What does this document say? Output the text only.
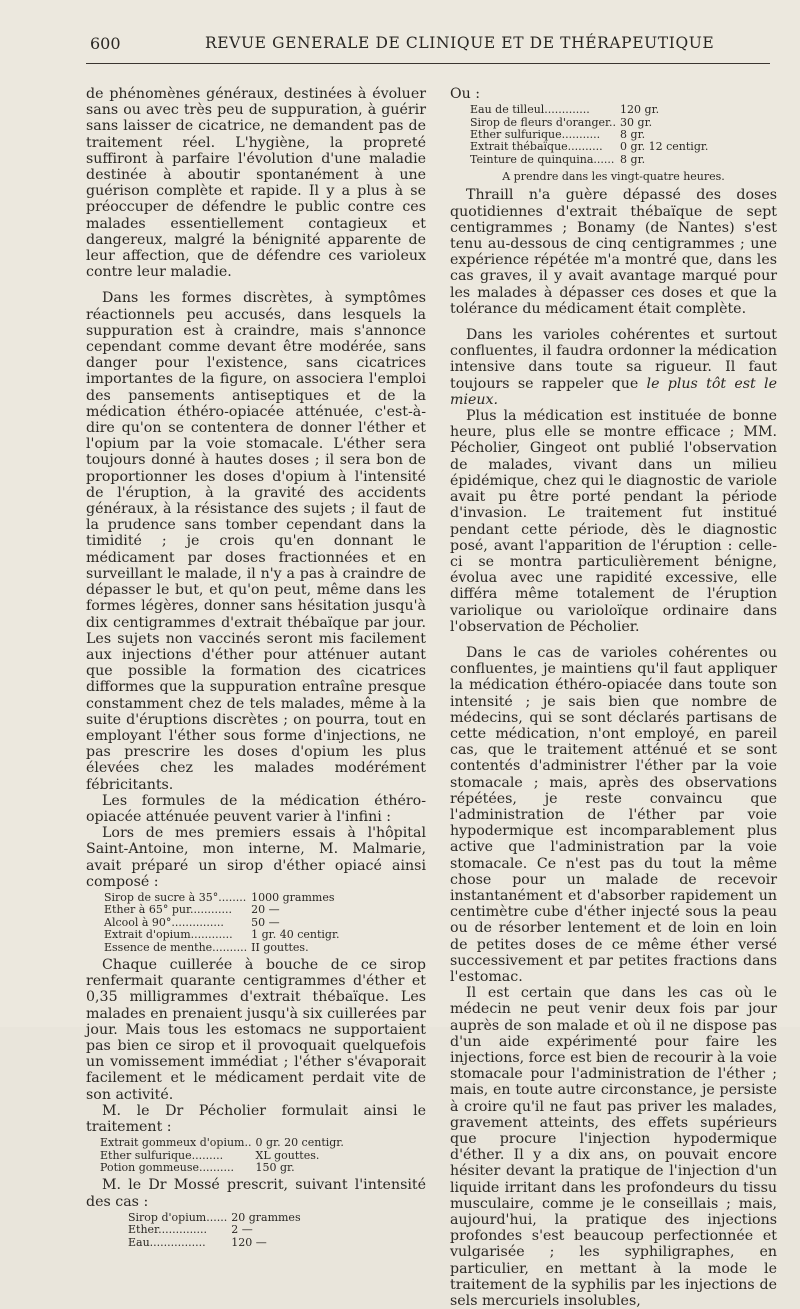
600	REVUE GENERALE DE CLINIQUE ET DE THÉRAPEUTIQUE

de phénomènes généraux, destinées à évoluer sans ou avec très peu de suppuration, à guérir sans laisser de cicatrice, ne demandent pas de traitement réel. L'hygiène, la propreté suffiront à parfaire l'évolution d'une maladie destinée à aboutir spontanément à une guérison complète et rapide. Il y a plus à se préoccuper de défendre le public contre ces malades essentiellement contagieux et dangereux, malgré la bénignité apparente de leur affection, que de défendre ces varioleux contre leur maladie.

Dans les formes discrètes, à symptômes réactionnels peu accusés, dans lesquels la suppuration est à craindre, mais s'annonce cependant comme devant être modérée, sans danger pour l'existence, sans cicatrices importantes de la figure, on associera l'emploi des pansements antiseptiques et de la médication éthéro-opiacée atténuée, c'est-à-dire qu'on se contentera de donner l'éther et l'opium par la voie stomacale. L'éther sera toujours donné à hautes doses ; il sera bon de proportionner les doses d'opium à l'intensité de l'éruption, à la gravité des accidents généraux, à la résistance des sujets ; il faut de la prudence sans tomber cependant dans la timidité ; je crois qu'en donnant le médicament par doses fractionnées et en surveillant le malade, il n'y a pas à craindre de dépasser le but, et qu'on peut, même dans les formes légères, donner sans hésitation jusqu'à dix centigrammes d'extrait thébaïque par jour. Les sujets non vaccinés seront mis facilement aux injections d'éther pour atténuer autant que possible la formation des cicatrices difformes que la suppuration entraîne presque constamment chez de tels malades, même à la suite d'éruptions discrètes ; on pourra, tout en employant l'éther sous forme d'injections, ne pas prescrire les doses d'opium les plus élevées chez les malades modérément fébricitants.

Les formules de la médication éthéro-opiacée atténuée peuvent varier à l'infini :

Lors de mes premiers essais à l'hôpital Saint-Antoine, mon interne, M. Malmarie, avait préparé un sirop d'éther opiacé ainsi composé :

Sirop de sucre à 35°........	1000 grammes
Ether à 65° pur............	20 —
Alcool à 90°...............	50 —
Extrait d'opium............	1 gr. 40 centigr.
Essence de menthe..........	II gouttes.

Chaque cuillerée à bouche de ce sirop renfermait quarante centigrammes d'éther et 0,35 milligrammes d'extrait thébaïque. Les malades en prenaient jusqu'à six cuillerées par jour. Mais tous les estomacs ne supportaient pas bien ce sirop et il provoquait quelquefois un vomissement immédiat ; l'éther s'évaporait facilement et le médicament perdait vite de son activité.

M. le Dr Pécholier formulait ainsi le traitement :

Extrait gommeux d'opium..	0 gr. 20 centigr.
Ether sulfurique.........	XL gouttes.
Potion gommeuse..........	150 gr.

M. le Dr Mossé prescrit, suivant l'intensité des cas :

Sirop d'opium......	20 grammes
Ether..............	2 —
Eau................	120 —

Ou :

Eau de tilleul.............	120 gr.
Sirop de fleurs d'oranger..	30 gr.
Ether sulfurique...........	8 gr.
Extrait thébaïque..........	0 gr. 12 centigr.
Teinture de quinquina......	8 gr.

A prendre dans les vingt-quatre heures.

Thraill n'a guère dépassé des doses quotidiennes d'extrait thébaïque de sept centigrammes ; Bonamy (de Nantes) s'est tenu au-dessous de cinq centigrammes ; une expérience répétée m'a montré que, dans les cas graves, il y avait avantage marqué pour les malades à dépasser ces doses et que la tolérance du médicament était complète.

Dans les varioles cohérentes et surtout confluentes, il faudra ordonner la médication intensive dans toute sa rigueur. Il faut toujours se rappeler que le plus tôt est le mieux.

Plus la médication est instituée de bonne heure, plus elle se montre efficace ; MM. Pécholier, Gingeot ont publié l'observation de malades, vivant dans un milieu épidémique, chez qui le diagnostic de variole avait pu être porté pendant la période d'invasion. Le traitement fut institué pendant cette période, dès le diagnostic posé, avant l'apparition de l'éruption : celle-ci se montra particulièrement bénigne, évolua avec une rapidité excessive, elle différa même totalement de l'éruption variolique ou varioloïque ordinaire dans l'observation de Pécholier.

Dans le cas de varioles cohérentes ou confluentes, je maintiens qu'il faut appliquer la médication éthéro-opiacée dans toute son intensité ; je sais bien que nombre de médecins, qui se sont déclarés partisans de cette médication, n'ont employé, en pareil cas, que le traitement atténué et se sont contentés d'administrer l'éther par la voie stomacale ; mais, après des observations répétées, je reste convaincu que l'administration de l'éther par voie hypodermique est incomparablement plus active que l'administration par la voie stomacale. Ce n'est pas du tout la même chose pour un malade de recevoir instantanément et d'absorber rapidement un centimètre cube d'éther injecté sous la peau ou de résorber lentement et de loin en loin de petites doses de ce même éther versé successivement et par petites fractions dans l'estomac.

Il est certain que dans les cas où le médecin ne peut venir deux fois par jour auprès de son malade et où il ne dispose pas d'un aide expérimenté pour faire les injections, force est bien de recourir à la voie stomacale pour l'administration de l'éther ; mais, en toute autre circonstance, je persiste à croire qu'il ne faut pas priver les malades, gravement atteints, des effets supérieurs que procure l'injection hypodermique d'éther. Il y a dix ans, on pouvait encore hésiter devant la pratique de l'injection d'un liquide irritant dans les profondeurs du tissu musculaire, comme je le conseillais ; mais, aujourd'hui, la pratique des injections profondes s'est beaucoup perfectionnée et vulgarisée ; les syphiligraphes, en particulier, en mettant à la mode le traitement de la syphilis par les injections de sels mercuriels insolubles,
